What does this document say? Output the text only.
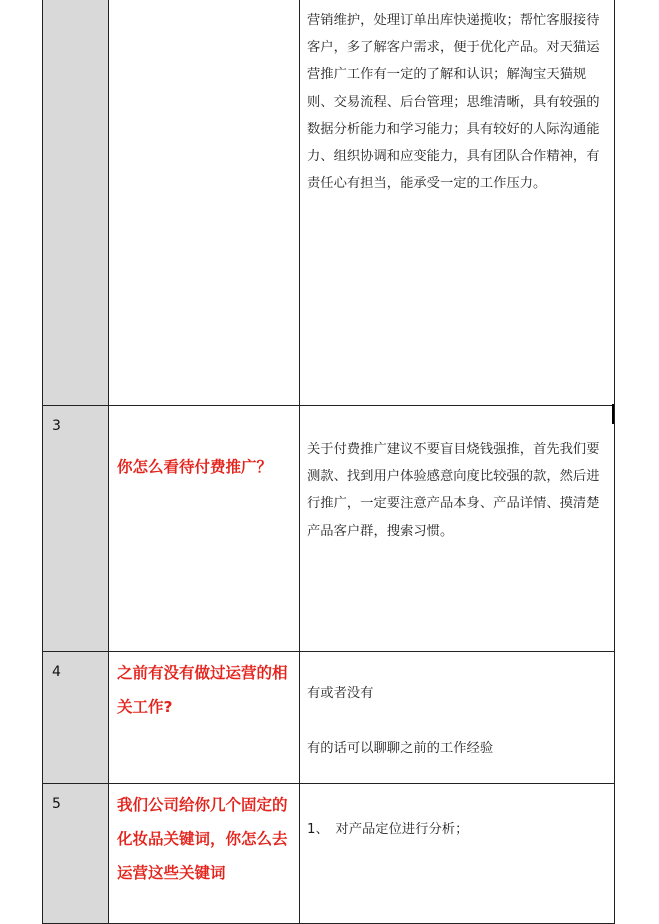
		营销维护，处理订单出库快递揽收；帮忙客服接待客户，多了解客户需求，便于优化产品。对天猫运营推广工作有一定的了解和认识；解淘宝天猫规则、交易流程、后台管理；思维清晰，具有较强的数据分析能力和学习能力；具有较好的人际沟通能力、组织协调和应变能力，具有团队合作精神，有责任心有担当，能承受一定的工作压力。

3	你怎么看待付费推广？	关于付费推广建议不要盲目烧钱强推，首先我们要测款、找到用户体验感意向度比较强的款，然后进行推广，一定要注意产品本身、产品详情、摸清楚产品客户群，搜索习惯。

4	之前有没有做过运营的相关工作?	有或者没有
有的话可以聊聊之前的工作经验

5	我们公司给你几个固定的化妆品关键词，你怎么去运营这些关键词	1、　对产品定位进行分析；
